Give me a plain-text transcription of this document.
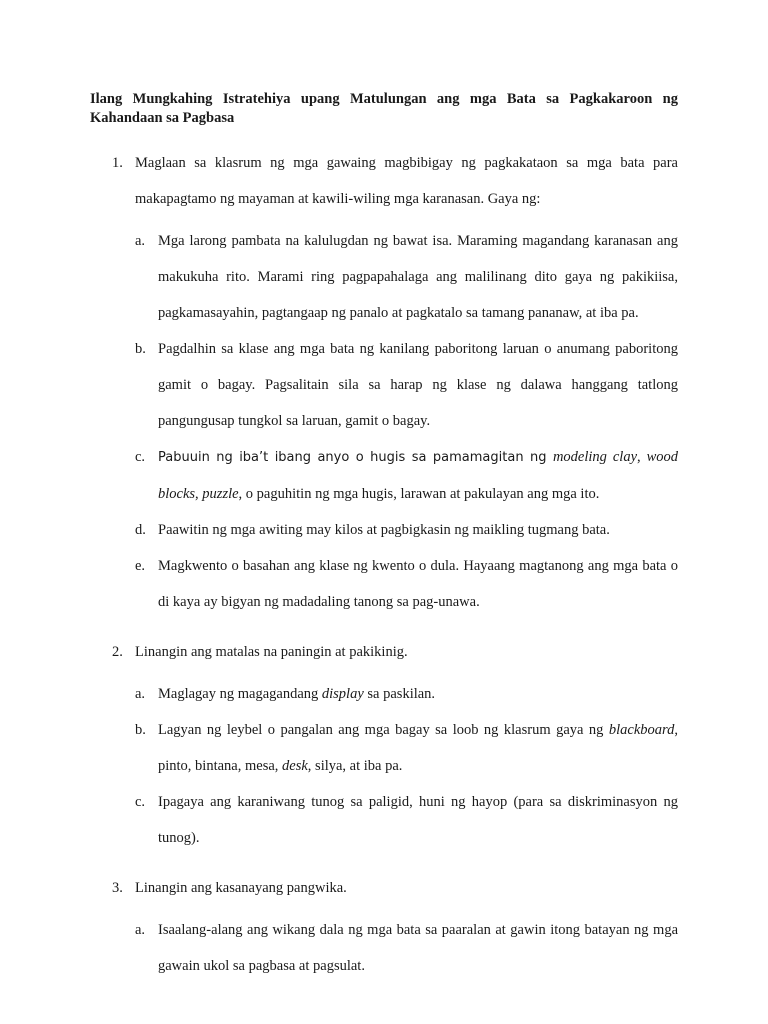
Ilang Mungkahing Istratehiya upang Matulungan ang mga Bata sa Pagkakaroon ng Kahandaan sa Pagbasa

1. Maglaan sa klasrum ng mga gawaing magbibigay ng pagkakataon sa mga bata para makapagtamo ng mayaman at kawili-wiling mga karanasan. Gaya ng:

a. Mga larong pambata na kalulugdan ng bawat isa. Maraming magandang karanasan ang makukuha rito. Marami ring pagpapahalaga ang malilinang dito gaya ng pakikiisa, pagkamasayahin, pagtangaap ng panalo at pagkatalo sa tamang pananaw, at iba pa.

b. Pagdalhin sa klase ang mga bata ng kanilang paboritong laruan o anumang paboritong gamit o bagay. Pagsalitain sila sa harap ng klase ng dalawa hanggang tatlong pangungusap tungkol sa laruan, gamit o bagay.

c. Pabuuin ng iba’t ibang anyo o hugis sa pamamagitan ng modeling clay, wood blocks, puzzle, o paguhitin ng mga hugis, larawan at pakulayan ang mga ito.

d. Paawitin ng mga awiting may kilos at pagbigkasin ng maikling tugmang bata.

e. Magkwento o basahan ang klase ng kwento o dula. Hayaang magtanong ang mga bata o di kaya ay bigyan ng madadaling tanong sa pag-unawa.

2. Linangin ang matalas na paningin at pakikinig.

a. Maglagay ng magagandang display sa paskilan.

b. Lagyan ng leybel o pangalan ang mga bagay sa loob ng klasrum gaya ng blackboard, pinto, bintana, mesa, desk, silya, at iba pa.

c. Ipagaya ang karaniwang tunog sa paligid, huni ng hayop (para sa diskriminasyon ng tunog).

3. Linangin ang kasanayang pangwika.

a. Isaalang-alang ang wikang dala ng mga bata sa paaralan at gawin itong batayan ng mga gawain ukol sa pagbasa at pagsulat.
